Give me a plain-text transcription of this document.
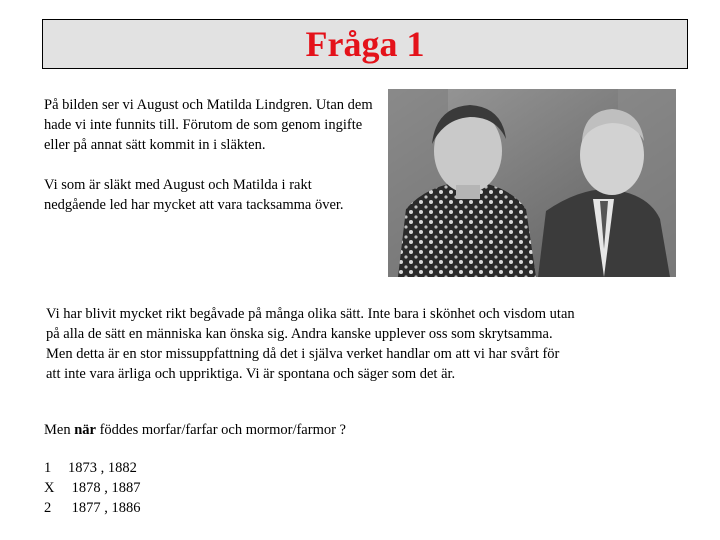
Fråga 1

På bilden ser vi August och Matilda Lindgren. Utan dem hade vi inte funnits till. Förutom de som genom ingifte eller på annat sätt kommit in i släkten.

Vi som är släkt med August och Matilda i rakt nedgående led har mycket att vara tacksamma över.

Vi har blivit mycket rikt begåvade på många olika sätt. Inte bara i skönhet och visdom utan
på alla de sätt en människa kan önska sig. Andra kanske upplever oss som skrytsamma.
Men detta är en stor missuppfattning då det i själva verket handlar om att vi har svårt för
att inte vara ärliga och uppriktiga. Vi är spontana och säger som det är.
Men när föddes morfar/farfar och mormor/farmor ?
1	1873 , 1882
X 1878 , 1887
2	1877 , 1886
